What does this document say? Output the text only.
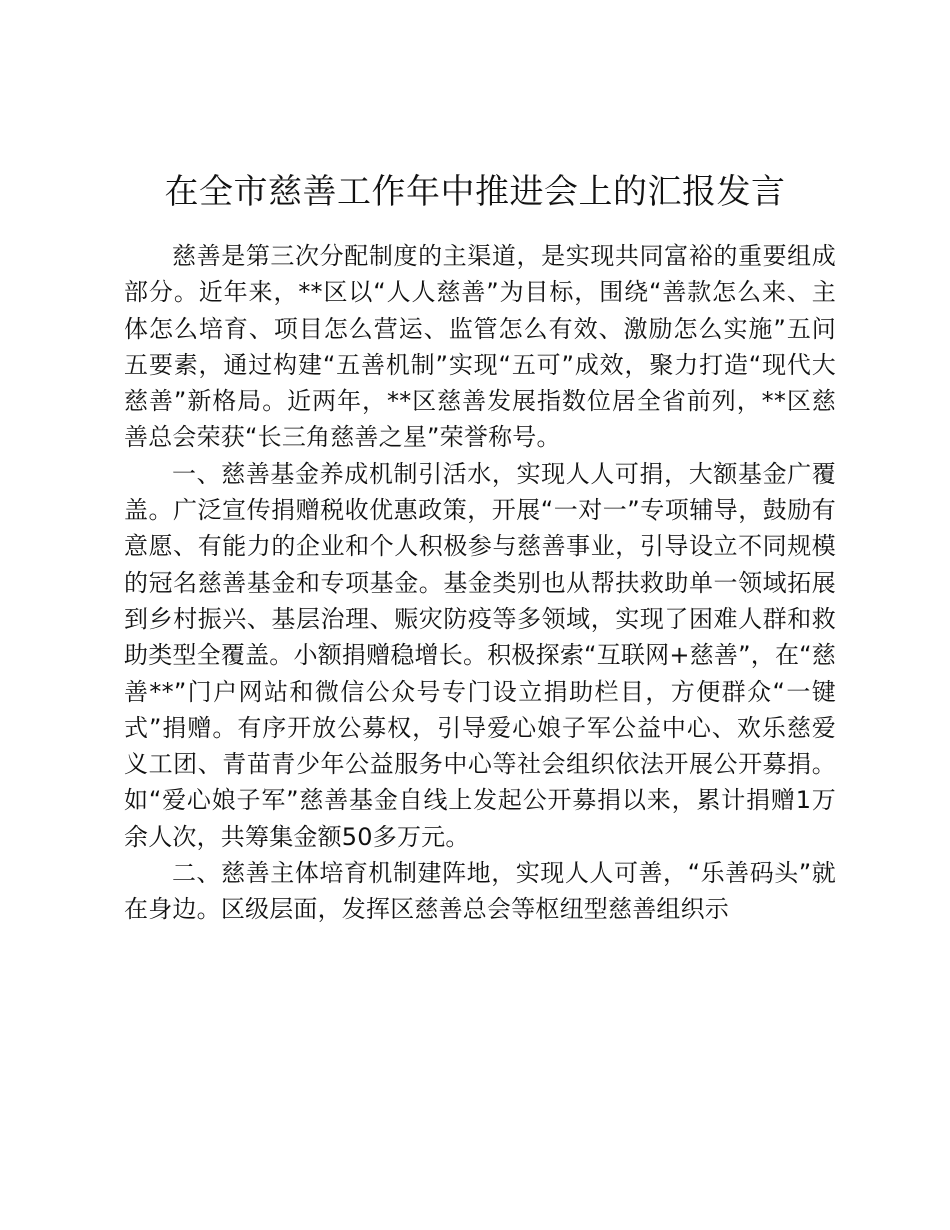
在全市慈善工作年中推进会上的汇报发言

慈善是第三次分配制度的主渠道，是实现共同富裕的重要组成部分。近年来，**区以“人人慈善”为目标，围绕“善款怎么来、主体怎么培育、项目怎么营运、监管怎么有效、激励怎么实施”五问五要素，通过构建“五善机制”实现“五可”成效，聚力打造“现代大慈善”新格局。近两年，**区慈善发展指数位居全省前列，**区慈善总会荣获“长三角慈善之星”荣誉称号。

一、慈善基金养成机制引活水，实现人人可捐，大额基金广覆盖。广泛宣传捐赠税收优惠政策，开展“一对一”专项辅导，鼓励有意愿、有能力的企业和个人积极参与慈善事业，引导设立不同规模的冠名慈善基金和专项基金。基金类别也从帮扶救助单一领域拓展到乡村振兴、基层治理、赈灾防疫等多领域，实现了困难人群和救助类型全覆盖。小额捐赠稳增长。积极探索“互联网+慈善”，在“慈善**”门户网站和微信公众号专门设立捐助栏目，方便群众“一键式”捐赠。有序开放公募权，引导爱心娘子军公益中心、欢乐慈爱义工团、青苗青少年公益服务中心等社会组织依法开展公开募捐。如“爱心娘子军”慈善基金自线上发起公开募捐以来，累计捐赠1万余人次，共筹集金额50多万元。

二、慈善主体培育机制建阵地，实现人人可善，“乐善码头”就在身边。区级层面，发挥区慈善总会等枢纽型慈善组织示
